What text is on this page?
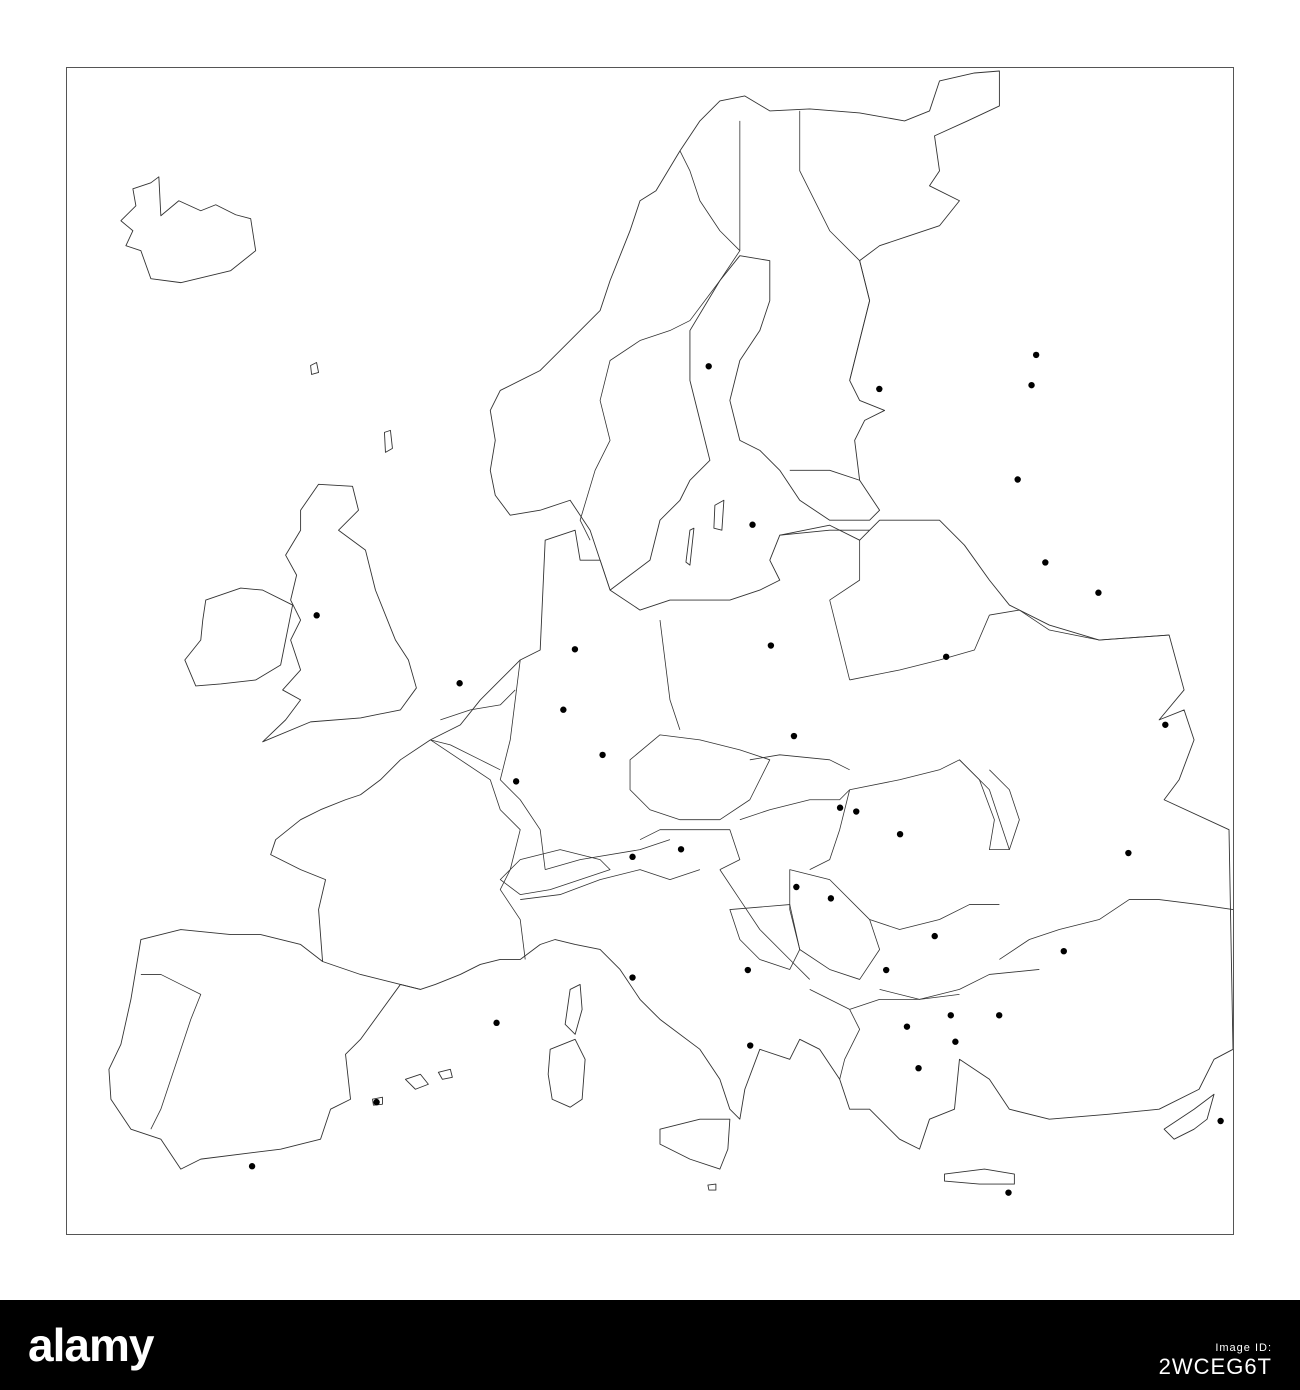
alamy	Image ID:
2WCEG6T
